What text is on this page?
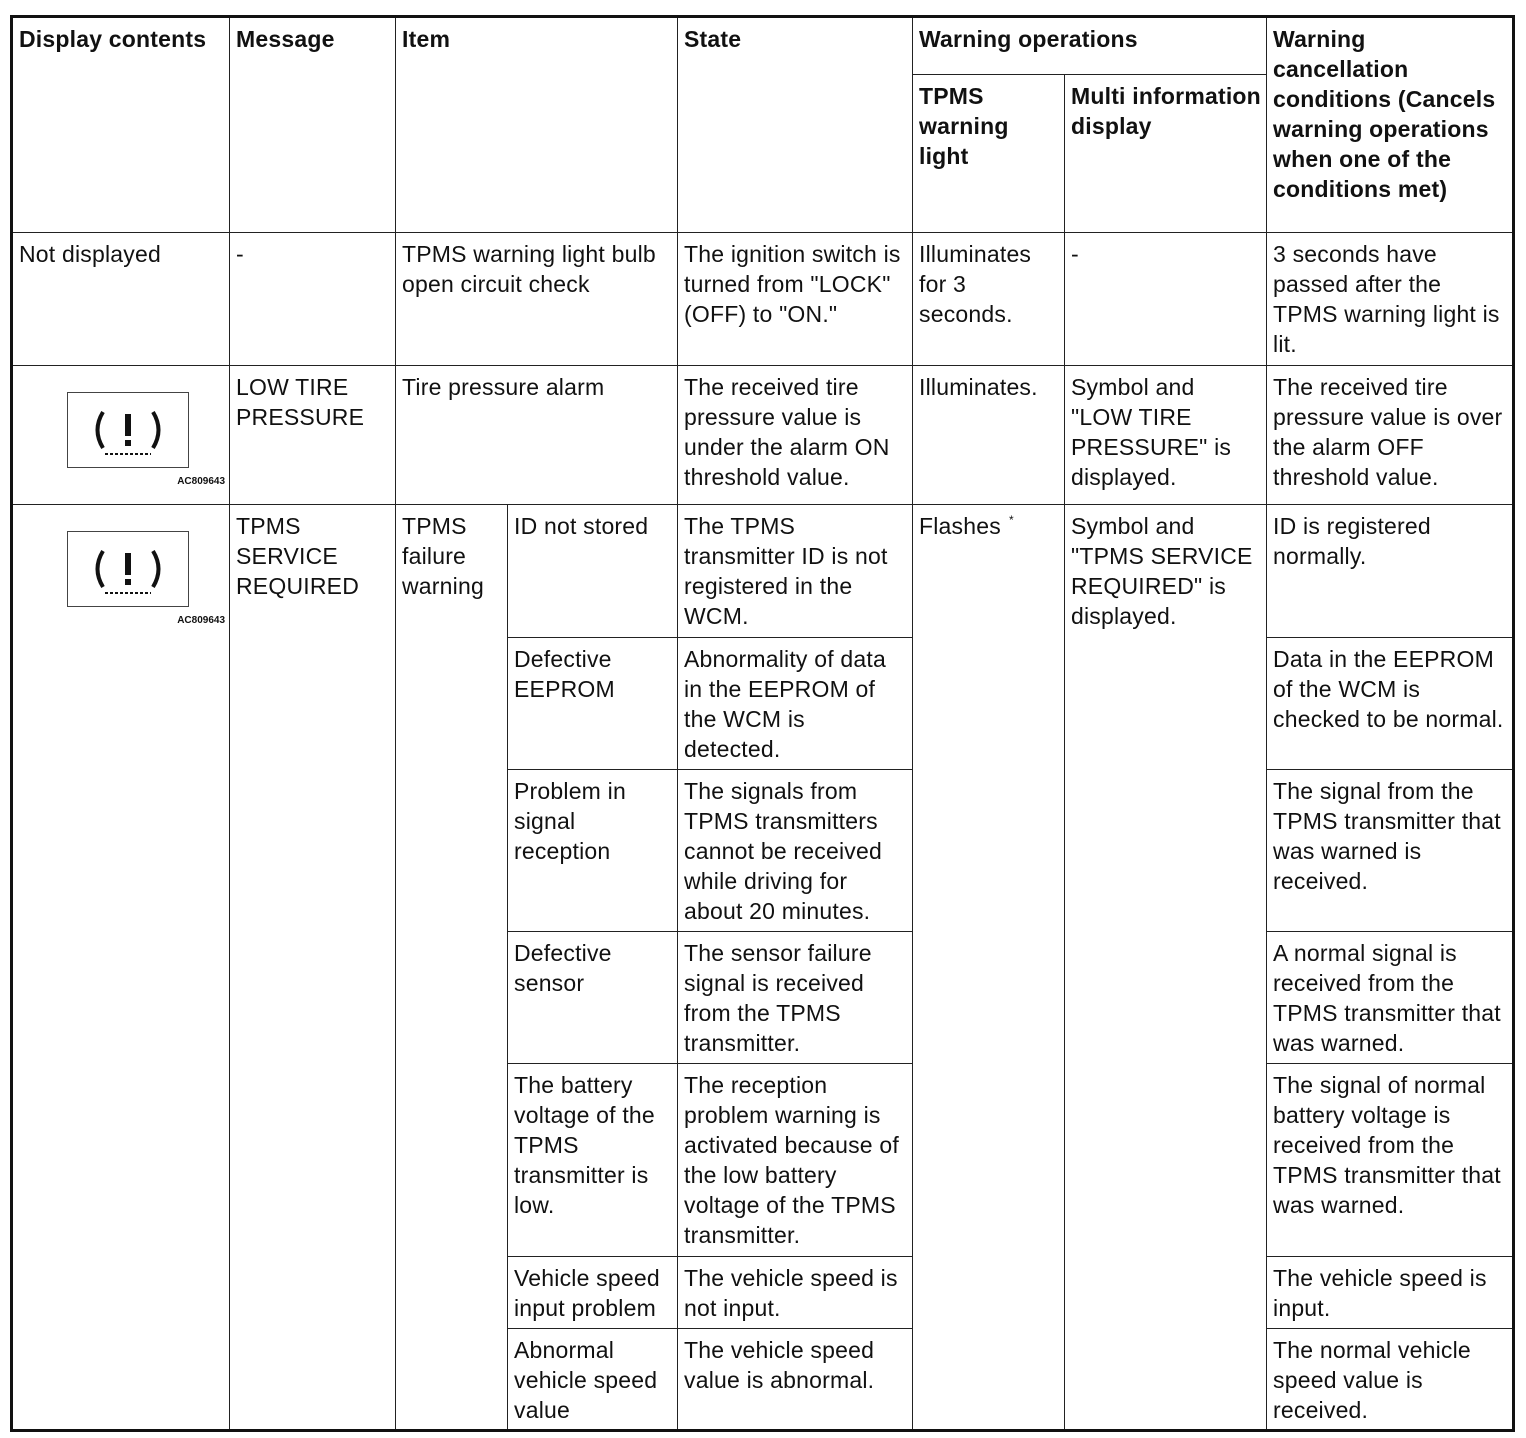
Display contents	Message	Item		State	Warning operations		Warning cancellation conditions (Cancels warning operations when one of the conditions met)
					TPMS warning light	Multi information display	
Not displayed	-	TPMS warning light bulb open circuit check		The ignition switch is turned from "LOCK" (OFF) to "ON."	Illuminates for 3 seconds.	-	3 seconds have passed after the TPMS warning light is lit.

AC809643	LOW TIRE PRESSURE	Tire pressure alarm		The received tire pressure value is under the alarm ON threshold value.	Illuminates.	Symbol and "LOW TIRE PRESSURE" is displayed.	The received tire pressure value is over the alarm OFF threshold value.

AC809643	TPMS SERVICE REQUIRED	TPMS failure warning	ID not stored	The TPMS transmitter ID is not registered in the WCM.	Flashes *	Symbol and "TPMS SERVICE REQUIRED" is displayed.	ID is registered normally.
			Defective EEPROM	Abnormality of data in the EEPROM of the WCM is detected.			Data in the EEPROM of the WCM is checked to be normal.
			Problem in signal reception	The signals from TPMS transmitters cannot be received while driving for about 20 minutes.			The signal from the TPMS transmitter that was warned is received.
			Defective sensor	The sensor failure signal is received from the TPMS transmitter.			A normal signal is received from the TPMS transmitter that was warned.
			The battery voltage of the TPMS transmitter is low.	The reception problem warning is activated because of the low battery voltage of the TPMS transmitter.			The signal of normal battery voltage is received from the TPMS transmitter that was warned.
			Vehicle speed input problem	The vehicle speed is not input.			The vehicle speed is input.
			Abnormal vehicle speed value	The vehicle speed value is abnormal.			The normal vehicle speed value is received.
